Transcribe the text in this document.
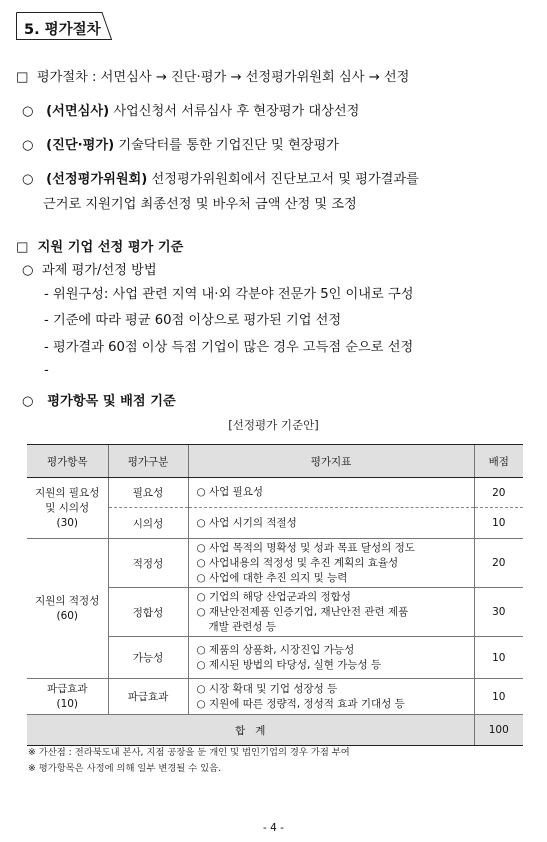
5. 평가절차
□ 평가절차 : 서면심사 → 진단·평가 → 선정평가위원회 심사 → 선정
○ (서면심사) 사업신청서 서류심사 후 현장평가 대상선정
○ (진단·평가) 기술닥터를 통한 기업진단 및 현장평가
○ (선정평가위원회) 선정평가위원회에서 진단보고서 및 평가결과를
근거로 지원기업 최종선정 및 바우처 금액 산정 및 조정
□ 지원 기업 선정 평가 기준
○ 과제 평가/선정 방법
- 위원구성: 사업 관련 지역 내·외 각분야 전문가 5인 이내로 구성
- 기준에 따라 평균 60점 이상으로 평가된 기업 선정
- 평가결과 60점 이상 득점 기업이 많은 경우 고득점 순으로 선정
-
○ 평가항목 및 배점 기준
[선정평가 기준안]
평가항목	평가구분	평가지표	배점
지원의 필요성
및 시의성
(30)	필요성	○ 사업 필요성	20
	시의성	○ 사업 시기의 적절성	10
지원의 적정성
(60)	적정성	○ 사업 목적의 명확성 및 성과 목표 달성의 정도
○ 사업내용의 적정성 및 추진 계획의 효율성
○ 사업에 대한 추진 의지 및 능력	20
	정합성	○ 기업의 해당 산업군과의 정합성
○ 재난안전제품 인증기업, 재난안전 관련 제품
개발 관련성 등	30
	가능성	○ 제품의 상품화, 시장진입 가능성
○ 제시된 방법의 타당성, 실현 가능성 등	10
파급효과
(10)	파급효과	○ 시장 확대 및 기업 성장성 등
○ 지원에 따른 정량적, 정성적 효과 기대성 등	10
합   계			100
※ 가산점 : 전라북도내 본사, 지점 공장을 둔 개인 및 법인기업의 경우 가점 부여
※ 평가항목은 사정에 의해 일부 변경될 수 있음.
- 4 -
